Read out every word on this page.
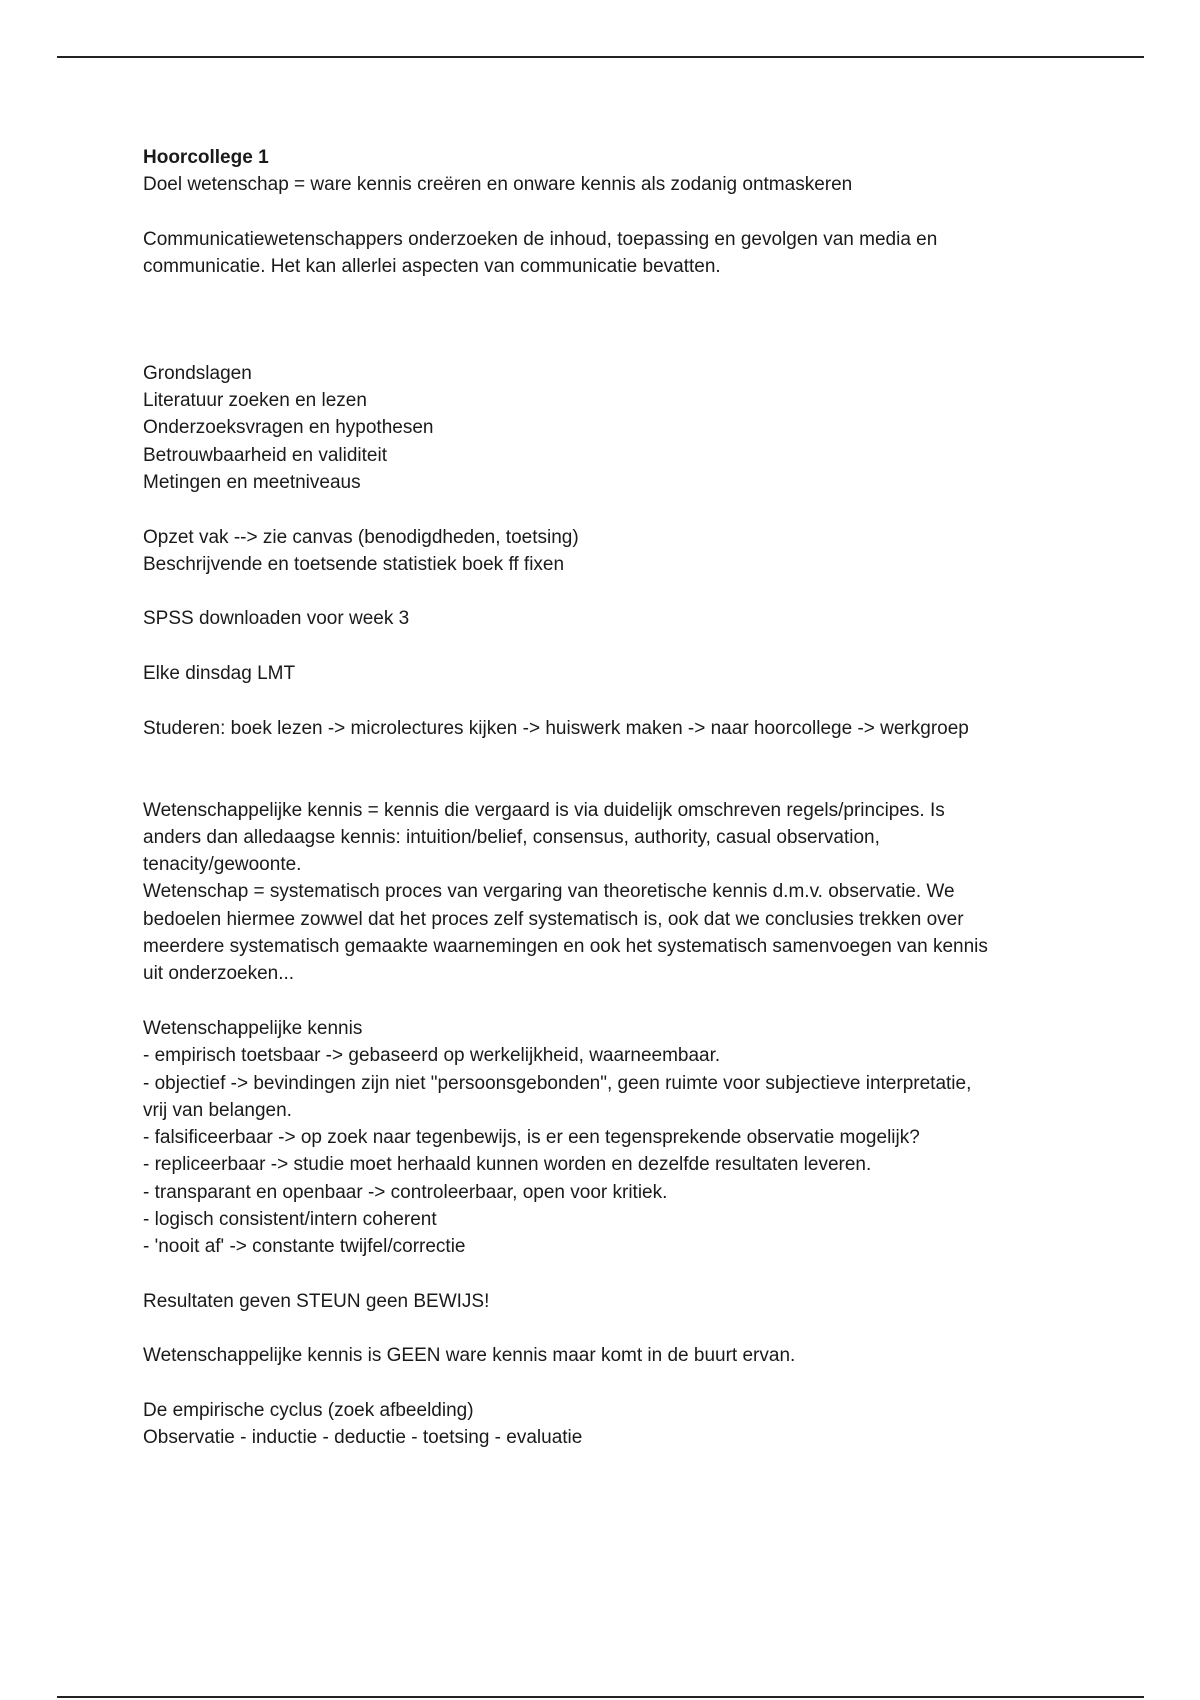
Hoorcollege 1
Doel wetenschap = ware kennis creëren en onware kennis als zodanig ontmaskeren
Communicatiewetenschappers onderzoeken de inhoud, toepassing en gevolgen van media en
communicatie. Het kan allerlei aspecten van communicatie bevatten.
Grondslagen
Literatuur zoeken en lezen
Onderzoeksvragen en hypothesen
Betrouwbaarheid en validiteit
Metingen en meetniveaus
Opzet vak --> zie canvas (benodigdheden, toetsing)
Beschrijvende en toetsende statistiek boek ff fixen
SPSS downloaden voor week 3
Elke dinsdag LMT
Studeren: boek lezen -> microlectures kijken -> huiswerk maken -> naar hoorcollege -> werkgroep
Wetenschappelijke kennis = kennis die vergaard is via duidelijk omschreven regels/principes. Is
anders dan alledaagse kennis: intuition/belief, consensus, authority, casual observation,
tenacity/gewoonte.
Wetenschap = systematisch proces van vergaring van theoretische kennis d.m.v. observatie. We
bedoelen hiermee zowwel dat het proces zelf systematisch is, ook dat we conclusies trekken over
meerdere systematisch gemaakte waarnemingen en ook het systematisch samenvoegen van kennis
uit onderzoeken...
Wetenschappelijke kennis
- empirisch toetsbaar -> gebaseerd op werkelijkheid, waarneembaar.
- objectief -> bevindingen zijn niet "persoonsgebonden", geen ruimte voor subjectieve interpretatie,
vrij van belangen.
- falsificeerbaar -> op zoek naar tegenbewijs, is er een tegensprekende observatie mogelijk?
- repliceerbaar -> studie moet herhaald kunnen worden en dezelfde resultaten leveren.
- transparant en openbaar -> controleerbaar, open voor kritiek.
- logisch consistent/intern coherent
- 'nooit af' -> constante twijfel/correctie
Resultaten geven STEUN geen BEWIJS!
Wetenschappelijke kennis is GEEN ware kennis maar komt in de buurt ervan.
De empirische cyclus (zoek afbeelding)
Observatie - inductie - deductie - toetsing - evaluatie
